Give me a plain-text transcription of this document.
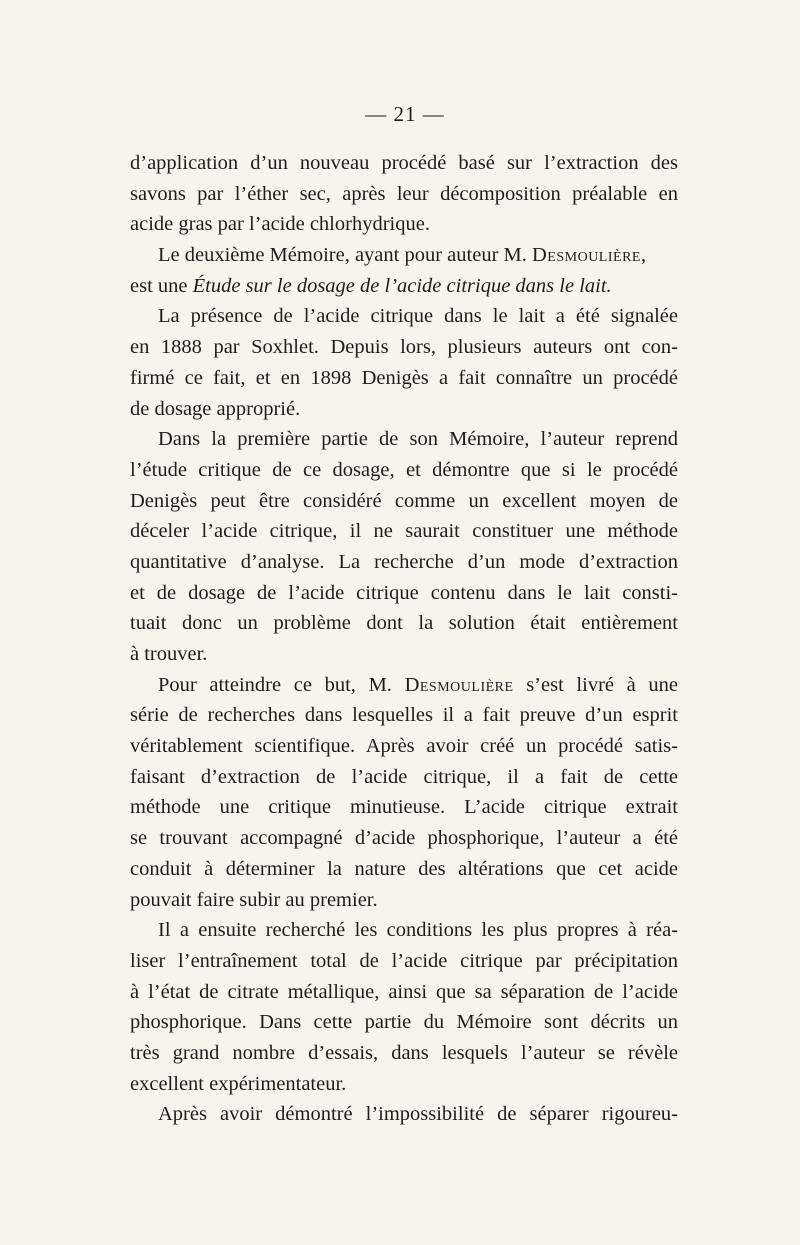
— 21 —
d’application d’un nouveau procédé basé sur l’extraction des
savons par l’éther sec, après leur décomposition préalable en
acide gras par l’acide chlorhydrique.
Le deuxième Mémoire, ayant pour auteur M. Desmoulière,
est une Étude sur le dosage de l’acide citrique dans le lait.
La présence de l’acide citrique dans le lait a été signalée
en 1888 par Soxhlet. Depuis lors, plusieurs auteurs ont con-
firmé ce fait, et en 1898 Denigès a fait connaître un procédé
de dosage approprié.
Dans la première partie de son Mémoire, l’auteur reprend
l’étude critique de ce dosage, et démontre que si le procédé
Denigès peut être considéré comme un excellent moyen de
déceler l’acide citrique, il ne saurait constituer une méthode
quantitative d’analyse. La recherche d’un mode d’extraction
et de dosage de l’acide citrique contenu dans le lait consti-
tuait donc un problème dont la solution était entièrement
à trouver.
Pour atteindre ce but, M. Desmoulière s’est livré à une
série de recherches dans lesquelles il a fait preuve d’un esprit
véritablement scientifique. Après avoir créé un procédé satis-
faisant d’extraction de l’acide citrique, il a fait de cette
méthode une critique minutieuse. L’acide citrique extrait
se trouvant accompagné d’acide phosphorique, l’auteur a été
conduit à déterminer la nature des altérations que cet acide
pouvait faire subir au premier.
Il a ensuite recherché les conditions les plus propres à réa-
liser l’entraînement total de l’acide citrique par précipitation
à l’état de citrate métallique, ainsi que sa séparation de l’acide
phosphorique. Dans cette partie du Mémoire sont décrits un
très grand nombre d’essais, dans lesquels l’auteur se révèle
excellent expérimentateur.
Après avoir démontré l’impossibilité de séparer rigoureu-
